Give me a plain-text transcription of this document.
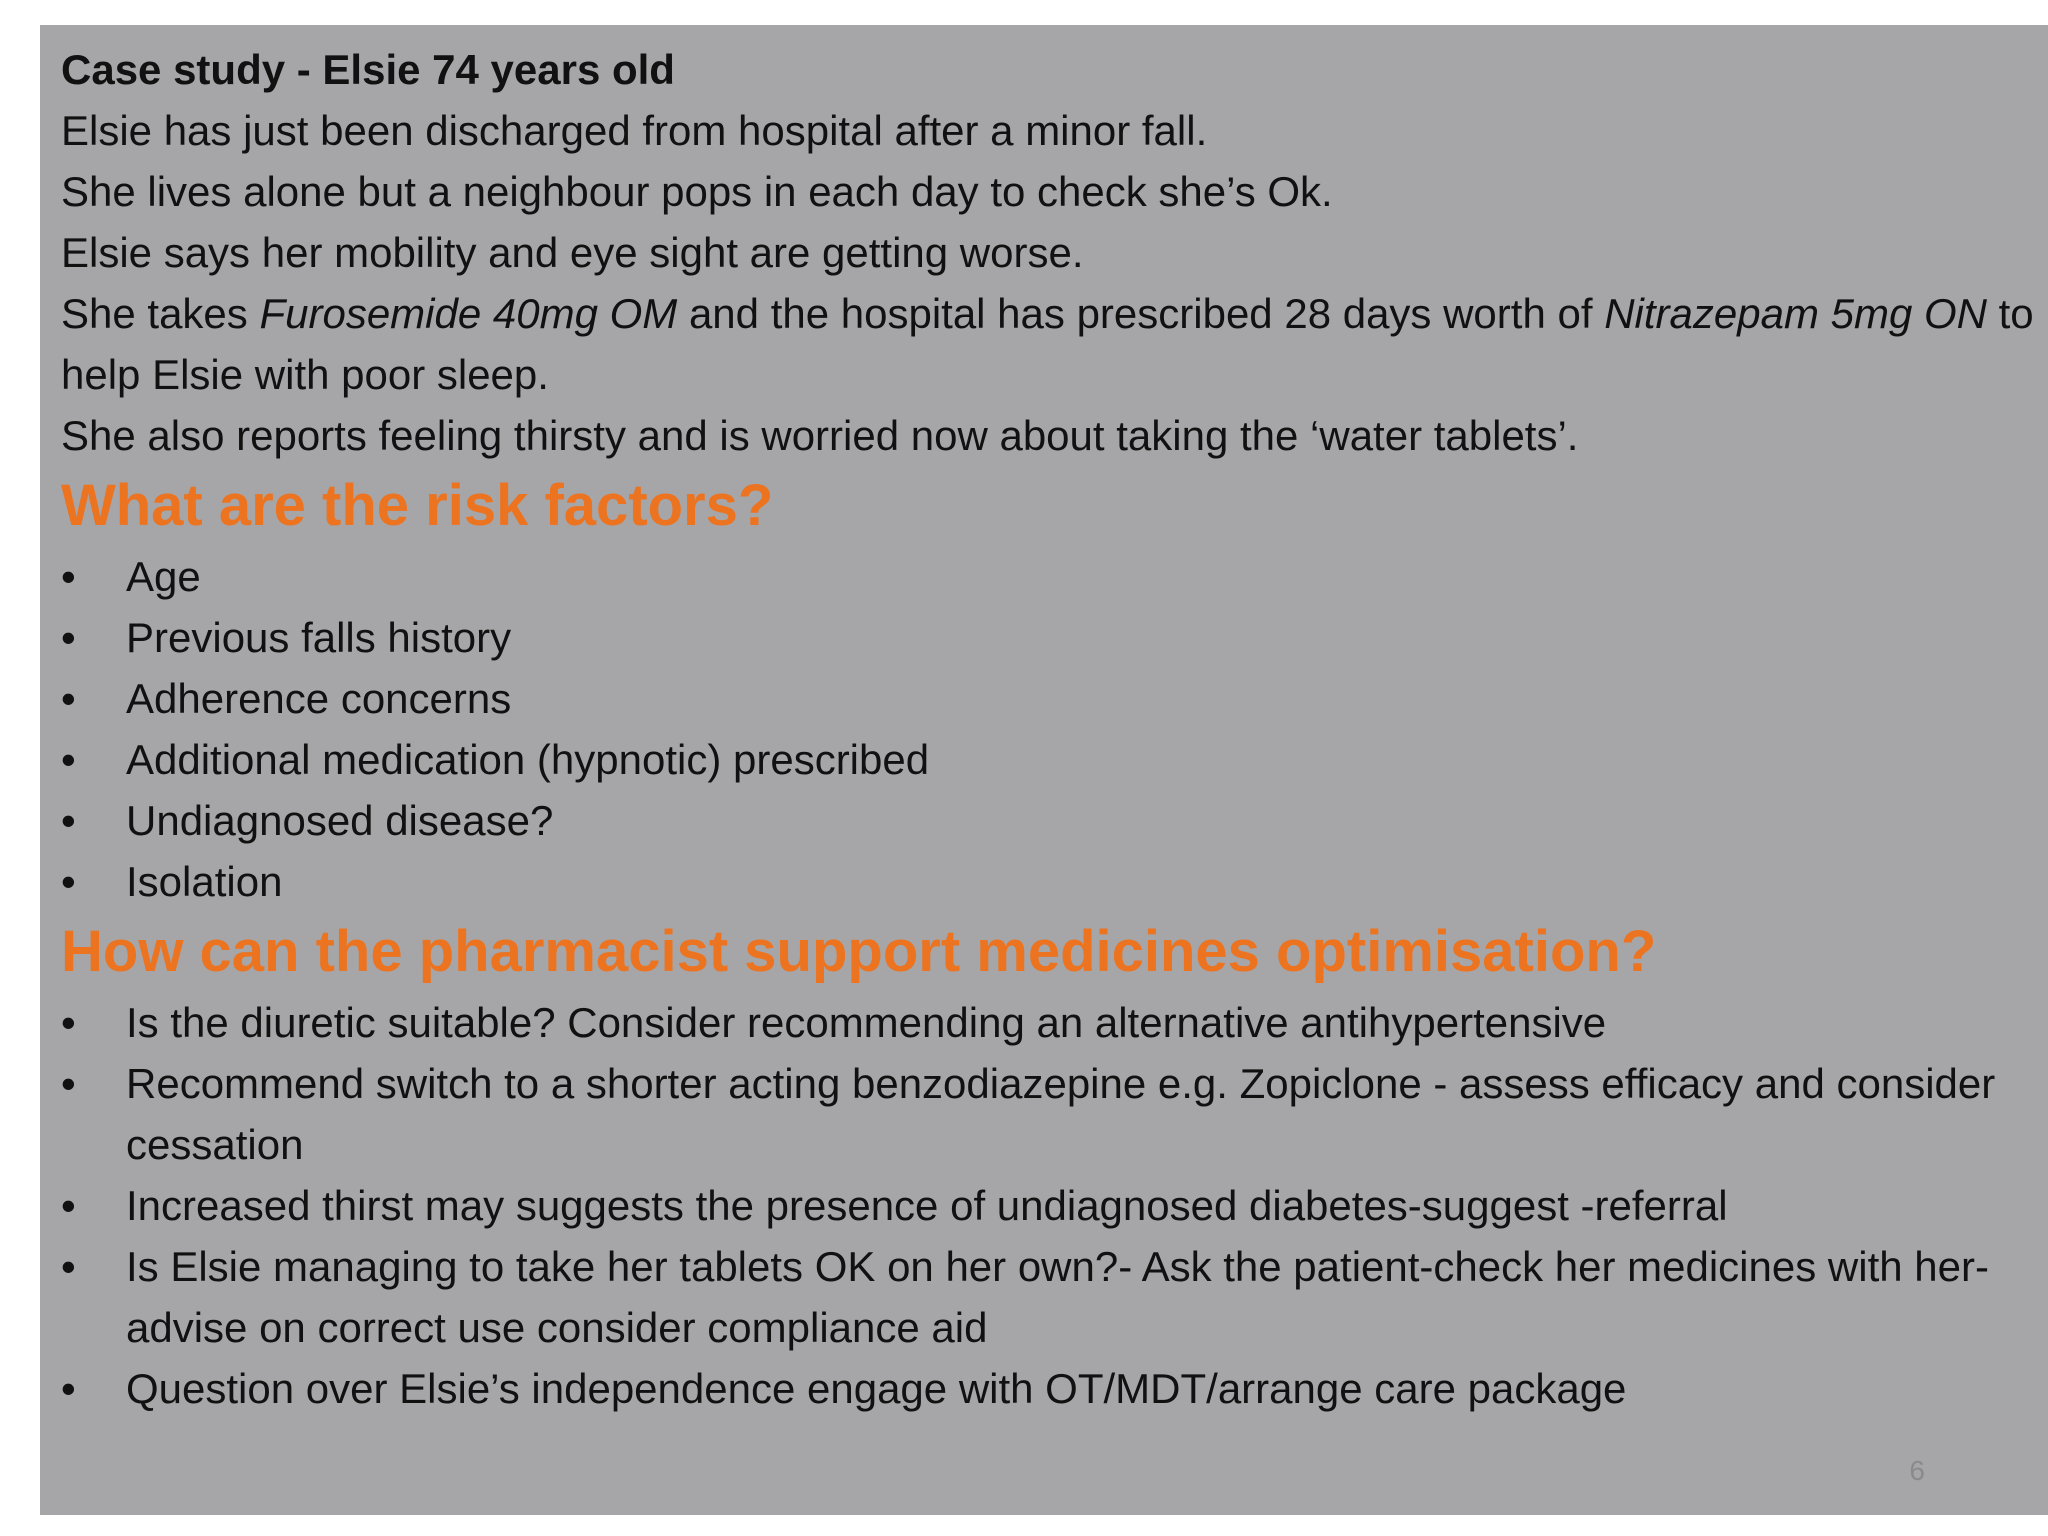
Case study - Elsie 74 years old

Elsie has just been discharged from hospital after a minor fall.

She lives alone but a neighbour pops in each day to check she’s Ok.

Elsie says her mobility and eye sight are getting worse.

She takes Furosemide 40mg OM and the hospital has prescribed 28 days worth of Nitrazepam 5mg ON to help Elsie with poor sleep.

She also reports feeling thirsty and is worried now about taking the ‘water tablets’.

What are the risk factors?

• Age
• Previous falls history
• Adherence concerns
• Additional medication (hypnotic) prescribed
• Undiagnosed disease?
• Isolation

How can the pharmacist support medicines optimisation?

• Is the diuretic suitable? Consider recommending an alternative antihypertensive
• Recommend switch to a shorter acting benzodiazepine e.g. Zopiclone - assess efficacy and consider cessation
• Increased thirst may suggests the presence of undiagnosed diabetes-suggest -referral
• Is Elsie managing to take her tablets OK on her own?- Ask the patient-check her medicines with her-advise on correct use consider compliance aid
• Question over Elsie’s independence engage with OT/MDT/arrange care package
6
